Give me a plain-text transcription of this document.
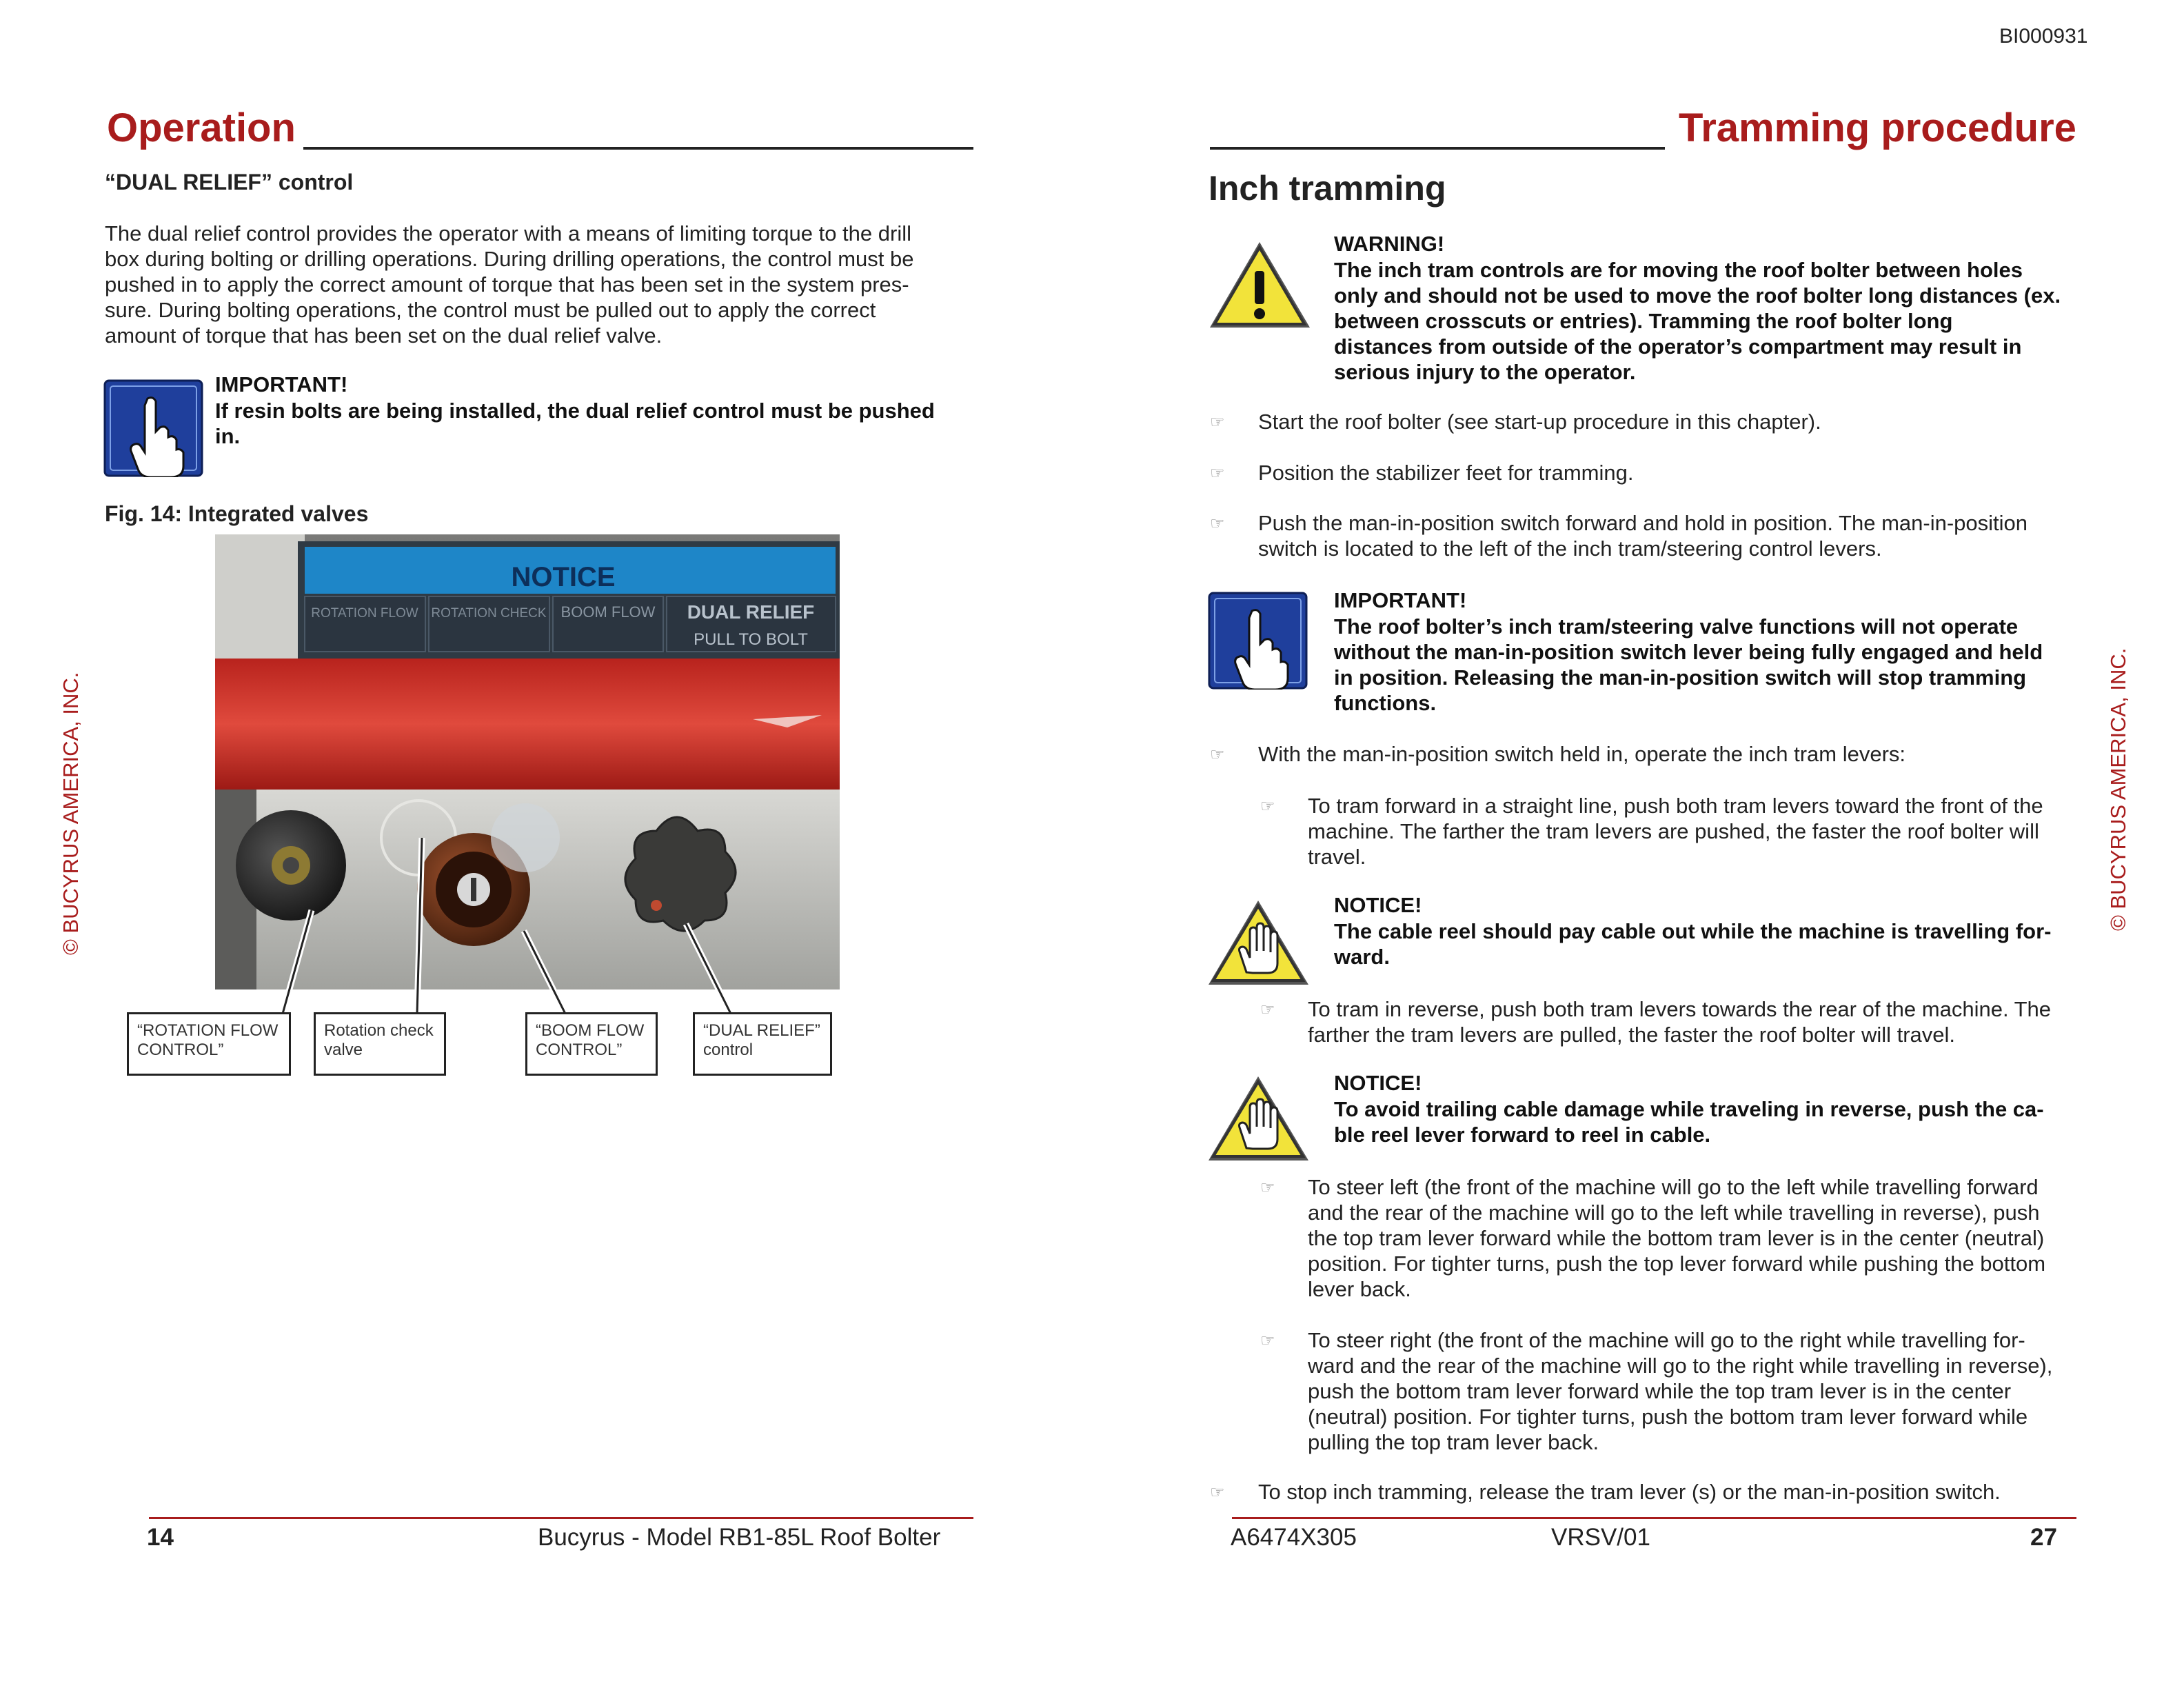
Operation
“DUAL RELIEF” control
The dual relief control provides the operator with a means of limiting torque to the drill
box during bolting or drilling operations. During drilling operations, the control must be
pushed in to apply the correct amount of torque that has been set in the system pres-
sure. During bolting operations, the control must be pulled out to apply the correct
amount of torque that has been set on the dual relief valve.
IMPORTANT!
If resin bolts are being installed, the dual relief control must be pushed
in.
Fig. 14: Integrated valves
NOTICE
ROTATION FLOW ROTATION CHECK BOOM FLOW DUAL RELIEF
PULL TO BOLT
“ROTATION FLOW
CONTROL”
Rotation check
valve
“BOOM FLOW
CONTROL”
“DUAL RELIEF”
control
© BUCYRUS AMERICA, INC.
14	Bucyrus - Model RB1-85L Roof Bolter
BI000931
Tramming procedure
Inch tramming
WARNING!
The inch tram controls are for moving the roof bolter between holes
only and should not be used to move the roof bolter long distances (ex.
between crosscuts or entries). Tramming the roof bolter long
distances from outside of the operator’s compartment may result in
serious injury to the operator.
☞ Start the roof bolter (see start-up procedure in this chapter).
☞ Position the stabilizer feet for tramming.
☞ Push the man-in-position switch forward and hold in position. The man-in-position
switch is located to the left of the inch tram/steering control levers.
IMPORTANT!
The roof bolter’s inch tram/steering valve functions will not operate
without the man-in-position switch lever being fully engaged and held
in position. Releasing the man-in-position switch will stop tramming
functions.
☞ With the man-in-position switch held in, operate the inch tram levers:
☞ To tram forward in a straight line, push both tram levers toward the front of the
machine. The farther the tram levers are pushed, the faster the roof bolter will
travel.
NOTICE!
The cable reel should pay cable out while the machine is travelling for-
ward.
☞ To tram in reverse, push both tram levers towards the rear of the machine. The
farther the tram levers are pulled, the faster the roof bolter will travel.
NOTICE!
To avoid trailing cable damage while traveling in reverse, push the ca-
ble reel lever forward to reel in cable.
☞ To steer left (the front of the machine will go to the left while travelling forward
and the rear of the machine will go to the left while travelling in reverse), push
the top tram lever forward while the bottom tram lever is in the center (neutral)
position. For tighter turns, push the top lever forward while pushing the bottom
lever back.
☞ To steer right (the front of the machine will go to the right while travelling for-
ward and the rear of the machine will go to the right while travelling in reverse),
push the bottom tram lever forward while the top tram lever is in the center
(neutral) position. For tighter turns, push the bottom tram lever forward while
pulling the top tram lever back.
☞ To stop inch tramming, release the tram lever (s) or the man-in-position switch.
© BUCYRUS AMERICA, INC.
A6474X305	VRSV/01	27
